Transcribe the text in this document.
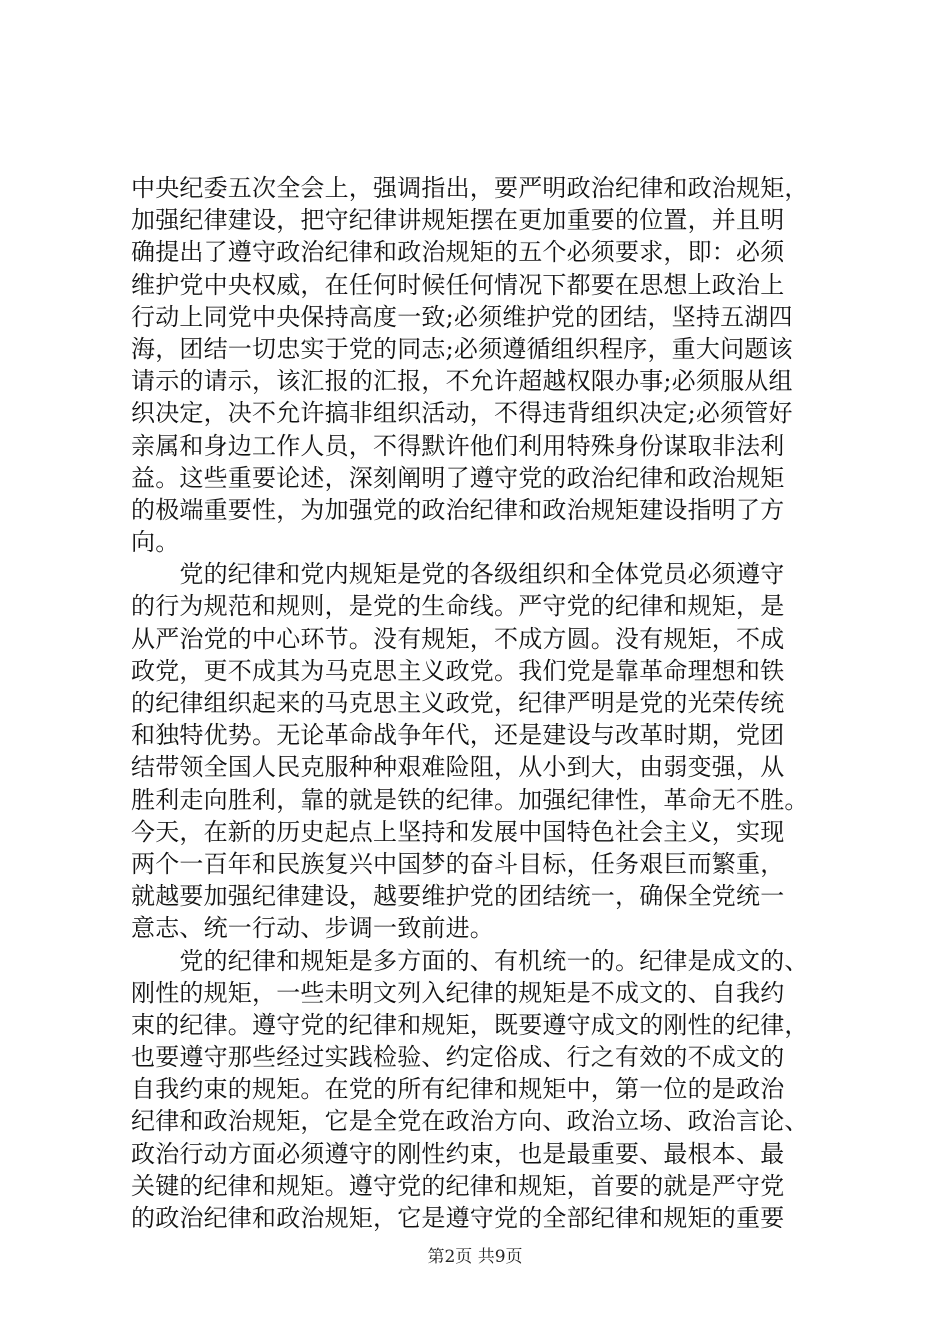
中央纪委五次全会上，强调指出，要严明政治纪律和政治规矩，
加强纪律建设，把守纪律讲规矩摆在更加重要的位置，并且明
确提出了遵守政治纪律和政治规矩的五个必须要求，即：必须
维护党中央权威，在任何时候任何情况下都要在思想上政治上
行动上同党中央保持高度一致;必须维护党的团结，坚持五湖四
海，团结一切忠实于党的同志;必须遵循组织程序，重大问题该
请示的请示，该汇报的汇报，不允许超越权限办事;必须服从组
织决定，决不允许搞非组织活动，不得违背组织决定;必须管好
亲属和身边工作人员，不得默许他们利用特殊身份谋取非法利
益。这些重要论述，深刻阐明了遵守党的政治纪律和政治规矩
的极端重要性，为加强党的政治纪律和政治规矩建设指明了方
向。
　　党的纪律和党内规矩是党的各级组织和全体党员必须遵守
的行为规范和规则，是党的生命线。严守党的纪律和规矩，是
从严治党的中心环节。没有规矩，不成方圆。没有规矩，不成
政党，更不成其为马克思主义政党。我们党是靠革命理想和铁
的纪律组织起来的马克思主义政党，纪律严明是党的光荣传统
和独特优势。无论革命战争年代，还是建设与改革时期，党团
结带领全国人民克服种种艰难险阻，从小到大，由弱变强，从
胜利走向胜利，靠的就是铁的纪律。加强纪律性，革命无不胜。
今天，在新的历史起点上坚持和发展中国特色社会主义，实现
两个一百年和民族复兴中国梦的奋斗目标，任务艰巨而繁重，
就越要加强纪律建设，越要维护党的团结统一，确保全党统一
意志、统一行动、步调一致前进。
　　党的纪律和规矩是多方面的、有机统一的。纪律是成文的、
刚性的规矩，一些未明文列入纪律的规矩是不成文的、自我约
束的纪律。遵守党的纪律和规矩，既要遵守成文的刚性的纪律，
也要遵守那些经过实践检验、约定俗成、行之有效的不成文的
自我约束的规矩。在党的所有纪律和规矩中，第一位的是政治
纪律和政治规矩，它是全党在政治方向、政治立场、政治言论、
政治行动方面必须遵守的刚性约束，也是最重要、最根本、最
关键的纪律和规矩。遵守党的纪律和规矩，首要的就是严守党
的政治纪律和政治规矩，它是遵守党的全部纪律和规矩的重要
第2页 共9页
